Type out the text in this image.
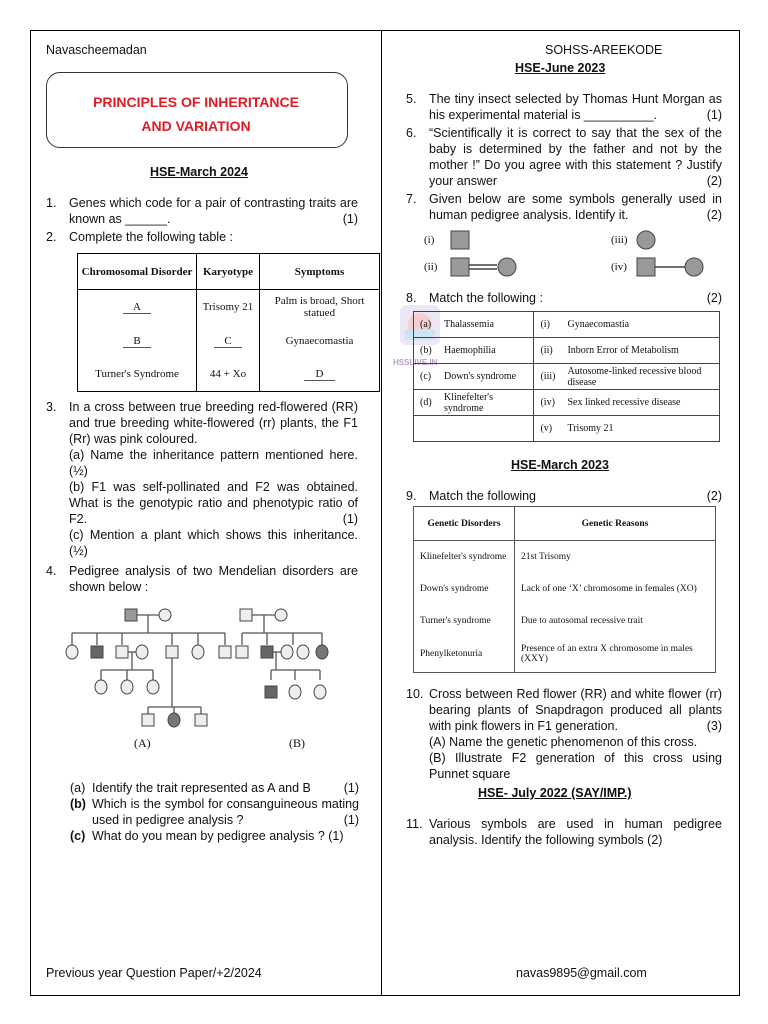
Navascheemadan	SOHSS-AREEKODE
PRINCIPLES OF INHERITANCE
AND VARIATION
HSE-March 2024
1.	Genes which code for a pair of contrasting traits are known as ______.	(1)
2.	Complete the following table :
Chromosomal Disorder	Karyotype	Symptoms
A	Trisomy 21	Palm is broad, Short statued
B	C	Gynaecomastia
Turner's Syndrome	44 + Xo	D
3.	In a cross between true breeding red-flowered (RR) and true breeding white-flowered (rr) plants, the F1 (Rr) was pink coloured.
(a) Name the inheritance pattern mentioned here. (½)
(b) F1 was self-pollinated and F2 was obtained. What is the genotypic ratio and phenotypic ratio of F2.	(1)
(c) Mention a plant which shows this inheritance. (½)
4.	Pedigree analysis of two Mendelian disorders are shown below :
(A)	(B)
(a) Identify the trait represented as A and B	(1)
(b) Which is the symbol for consanguineous mating used in pedigree analysis ?	(1)
(c) What do you mean by pedigree analysis ? (1)
HSE-June 2023
5.	The tiny insect selected by Thomas Hunt Morgan as his experimental material is __________.	(1)
6.	“Scientifically it is correct to say that the sex of the baby is determined by the father and not by the mother !” Do you agree with this statement ? Justify your answer	(2)
7.	Given below are some symbols generally used in human pedigree analysis. Identify it.	(2)
(i)
(ii)
(iii)
(iv)
HSSLIVE.IN
8.	Match the following :	(2)
(a)	Thalassemia	(i)	Gynaecomastia
(b)	Haemophilia	(ii)	Inborn Error of Metabolism
(c)	Down's syndrome	(iii)	Autosome-linked recessive blood disease
(d)	Klinefelter's syndrome	(iv)	Sex linked recessive disease
		(v)	Trisomy 21
HSE-March 2023
9.	Match the following	(2)
Genetic Disorders	Genetic Reasons
Klinefelter's syndrome	21st Trisomy
Down's syndrome	Lack of one ‘X’ chromosome in females (XO)
Turner's syndrome	Due to autosomal recessive trait
Phenylketonuria	Presence of an extra X chromosome in males (XXY)
10. Cross between Red flower (RR) and white flower (rr) bearing plants of Snapdragon produced all plants with pink flowers in F1 generation.	(3)
(A) Name the genetic phenomenon of this cross.
(B) Illustrate F2 generation of this cross using Punnet square
HSE- July 2022 (SAY/IMP.)
11. Various symbols are used in human pedigree analysis. Identify the following symbols (2)
Previous year Question Paper/+2/2024	navas9895@gmail.com
